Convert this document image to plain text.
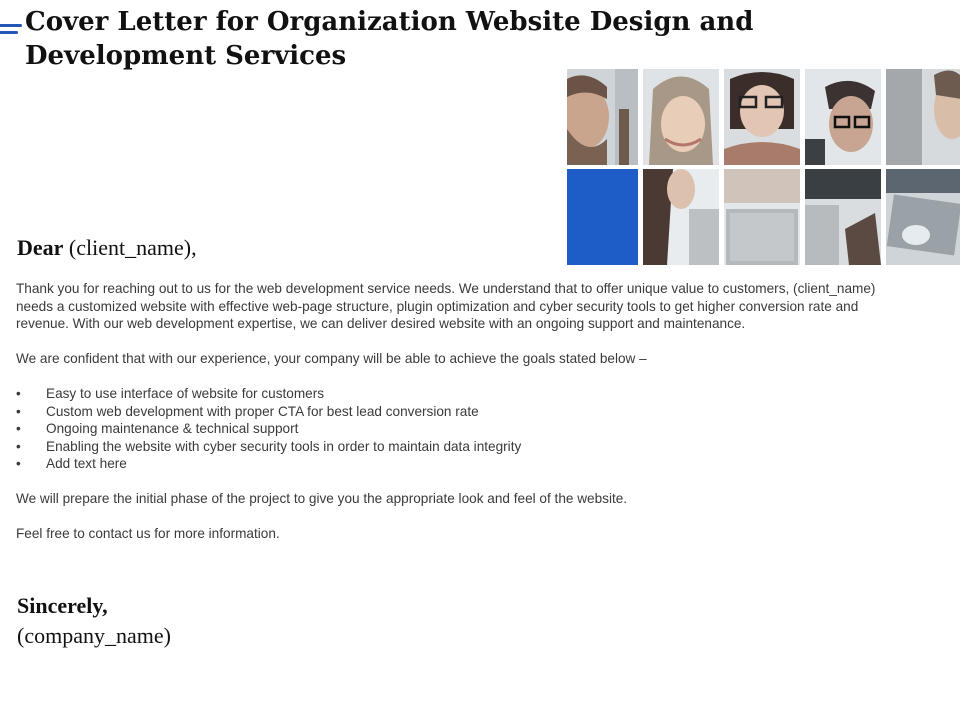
Cover Letter for Organization Website Design and Development Services

Dear (client_name),

Thank you for reaching out to us for the web development service needs. We understand that to offer unique value to customers, (client_name) needs a customized website with effective web-page structure, plugin optimization and cyber security tools to get higher conversion rate and revenue. With our web development expertise, we can deliver desired website with an ongoing support and maintenance.

We are confident that with our experience, your company will be able to achieve the goals stated below –

• Easy to use interface of website for customers
• Custom web development with proper CTA for best lead conversion rate
• Ongoing maintenance & technical support
• Enabling the website with cyber security tools in order to maintain data integrity
• Add text here

We will prepare the initial phase of the project to give you the appropriate look and feel of the website.

Feel free to contact us for more information.

Sincerely,
(company_name)
